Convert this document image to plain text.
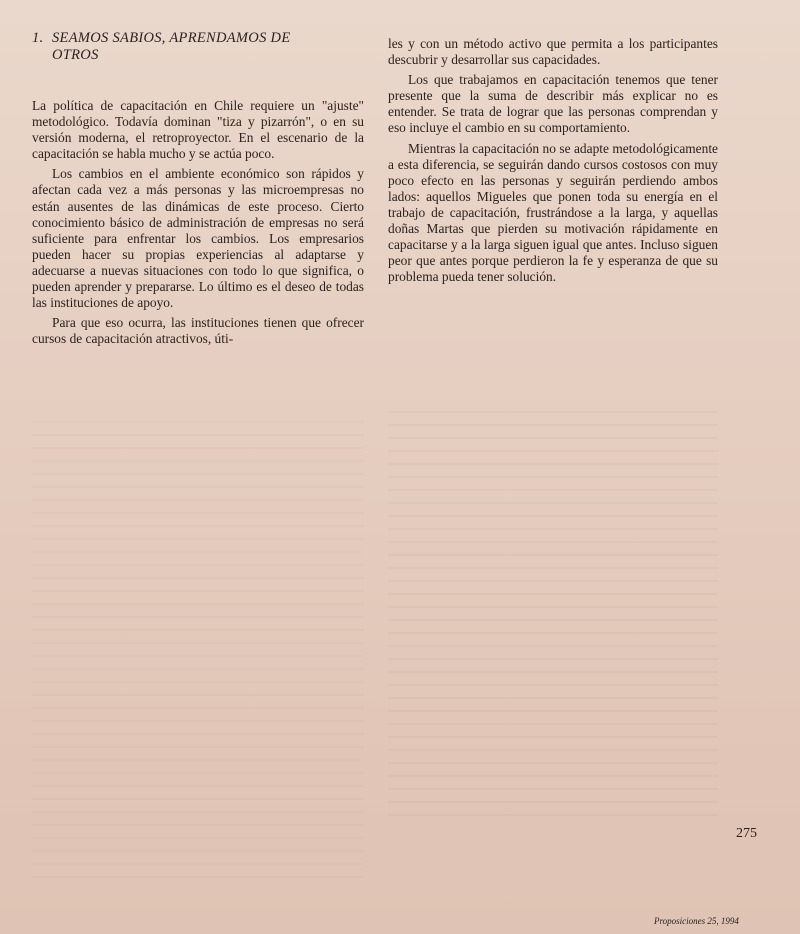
1. SEAMOS SABIOS, APRENDAMOS DE
OTROS

La política de capacitación en Chile requiere un "ajuste" metodológico. Todavía dominan "tiza y pizarrón", o en su versión moderna, el retroproyector. En el escenario de la capacitación se habla mucho y se actúa poco.

Los cambios en el ambiente económico son rápidos y afectan cada vez a más personas y las microempresas no están ausentes de las dinámicas de este proceso. Cierto conocimiento básico de administración de empresas no será suficiente para enfrentar los cambios. Los empresarios pueden hacer su propias experiencias al adaptarse y adecuarse a nuevas situaciones con todo lo que significa, o pueden aprender y prepararse. Lo último es el deseo de todas las instituciones de apoyo.

Para que eso ocurra, las instituciones tienen que ofrecer cursos de capacitación atractivos, úti-

les y con un método activo que permita a los participantes descubrir y desarrollar sus capacidades.

Los que trabajamos en capacitación tenemos que tener presente que la suma de describir más explicar no es entender. Se trata de lograr que las personas comprendan y eso incluye el cambio en su comportamiento.

Mientras la capacitación no se adapte metodológicamente a esta diferencia, se seguirán dando cursos costosos con muy poco efecto en las personas y seguirán perdiendo ambos lados: aquellos Migueles que ponen toda su energía en el trabajo de capacitación, frustrándose a la larga, y aquellas doñas Martas que pierden su motivación rápidamente en capacitarse y a la larga siguen igual que antes. Incluso siguen peor que antes porque perdieron la fe y esperanza de que su problema pueda tener solución.

275
Proposiciones 25, 1994
